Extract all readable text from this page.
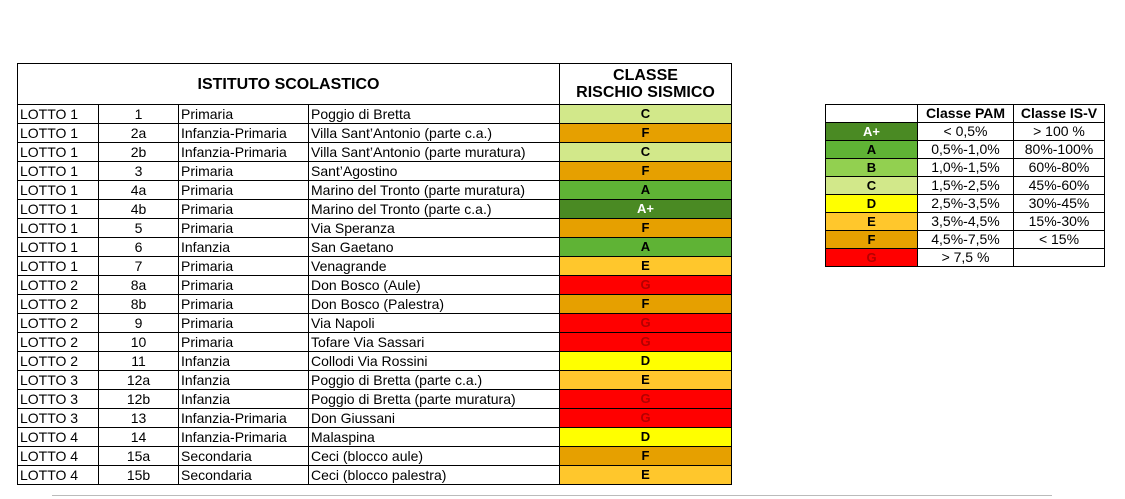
ISTITUTO SCOLASTICO				CLASSE
RISCHIO SISMICO
LOTTO 1	1	Primaria	Poggio di Bretta	C
LOTTO 1	2a	Infanzia-Primaria	Villa Sant’Antonio (parte c.a.)	F
LOTTO 1	2b	Infanzia-Primaria	Villa Sant’Antonio (parte muratura)	C
LOTTO 1	3	Primaria	Sant’Agostino	F
LOTTO 1	4a	Primaria	Marino del Tronto (parte muratura)	A
LOTTO 1	4b	Primaria	Marino del Tronto (parte c.a.)	A+
LOTTO 1	5	Primaria	Via Speranza	F
LOTTO 1	6	Infanzia	San Gaetano	A
LOTTO 1	7	Primaria	Venagrande	E
LOTTO 2	8a	Primaria	Don Bosco (Aule)	G
LOTTO 2	8b	Primaria	Don Bosco (Palestra)	F
LOTTO 2	9	Primaria	Via Napoli	G
LOTTO 2	10	Primaria	Tofare Via Sassari	G
LOTTO 2	11	Infanzia	Collodi Via Rossini	D
LOTTO 3	12a	Infanzia	Poggio di Bretta (parte c.a.)	E
LOTTO 3	12b	Infanzia	Poggio di Bretta (parte muratura)	G
LOTTO 3	13	Infanzia-Primaria	Don Giussani	G
LOTTO 4	14	Infanzia-Primaria	Malaspina	D
LOTTO 4	15a	Secondaria	Ceci (blocco aule)	F
LOTTO 4	15b	Secondaria	Ceci (blocco palestra)	E
	Classe PAM	Classe IS-V
A+	< 0,5%	> 100 %
A	0,5%-1,0%	80%-100%
B	1,0%-1,5%	60%-80%
C	1,5%-2,5%	45%-60%
D	2,5%-3,5%	30%-45%
E	3,5%-4,5%	15%-30%
F	4,5%-7,5%	< 15%
G	> 7,5 %	
